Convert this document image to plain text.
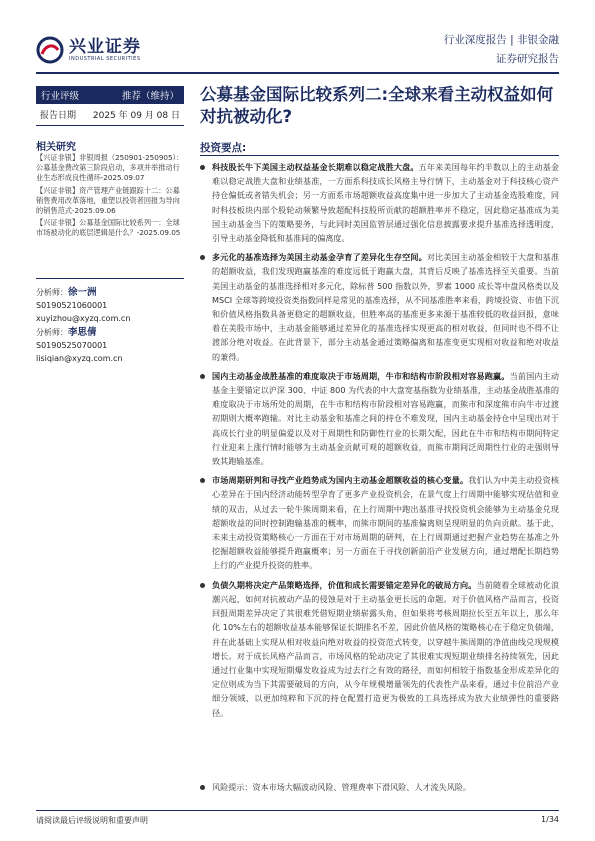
兴业证券
INDUSTRIAL SECURITIES
行业深度报告 | 非银金融
证券研究报告
行业评级	推荐（维持）
报告日期 2025 年 09 月 08 日
相关研究

【兴证非银】非银周报（250901-250905）：公募基金费改第三阶段启动，多项并举推动行业生态形成良性循环-2025.09.07

【兴证非银】资产管理产业链跟踪十二：公募销售费用改革落地，重塑以投资者回报为导向的销售范式-2025.09.06

【兴证非银】公募基金国际比较系列一：全球市场被动化的底层逻辑是什么？-2025.09.05

分析师：徐一洲
S0190521060001
xuyizhou@xyzq.com.cn
分析师：李思倩
S0190525070001
lisiqian@xyzq.com.cn
公募基金国际比较系列二:全球来看主动权益如何对抗被动化?
投资要点:
科技股长牛下美国主动权益基金长期难以稳定战胜大盘。五年来美国每年约半数以上的主动基金难以稳定战胜大盘和业绩基准，一方面系科技成长风格主导行情下，主动基金对于科技核心资产持仓偏低或者错失机会；另一方面系市场超额收益高度集中进一步加大了主动基金选股难度，同时科技板块内部个股轮动频繁导致超配科技股所贡献的超额胜率并不稳定，因此稳定基准成为美国主动基金当下的策略要务，与此同时美国监管层通过强化信息披露要求提升基准选择透明度，引导主动基金降低和基准间的偏离度。
多元化的基准选择为美国主动基金孕育了差异化生存空间。对比美国主动基金相较于大盘和基准的超额收益，我们发现跑赢基准的难度远低于跑赢大盘，其背后反映了基准选择至关重要。当前美国主动基金的基准选择相对多元化，除标普 500 指数以外，罗素 1000 成长等中盘风格类以及 MSCI 全球等跨境投资类指数同样是常见的基准选择，从不同基准胜率来看，跨境投资、市值下沉和价值风格指数具备更稳定的超额收益，但胜率高的基准更多来源于基准较低的收益回报，意味着在美股市场中，主动基金能够通过差异化的基准选择实现更高的相对收益，但同时也不得不让渡部分绝对收益。在此背景下，部分主动基金通过策略偏离和基准变更实现相对收益和绝对收益的兼得。
国内主动基金战胜基准的难度取决于市场周期，牛市和结构市阶段相对容易跑赢。当前国内主动基金主要锚定以沪深 300、中证 800 为代表的中大盘宽基指数为业绩基准，主动基金战胜基准的难度取决于市场所处的周期，在牛市和结构市阶段相对容易跑赢，而熊市和深度熊市向牛市过渡初期则大概率跑输。对比主动基金和基准之间的持仓不难发现，国内主动基金持仓中呈现出对于高成长行业的明显偏爱以及对于周期性和防御性行业的长期欠配，因此在牛市和结构市期间特定行业迎来上涨行情时能够为主动基金贡献可观的超额收益，而熊市期间泛周期性行业的走强则导致其跑输基准。
市场周期研判和寻找产业趋势成为国内主动基金超额收益的核心变量。我们认为中美主动投资核心差异在于国内经济动能转型孕育了更多产业投资机会，在景气度上行周期中能够实现估值和业绩的双击，从过去一轮牛熊周期来看，在上行周期中跑出基准寻找投资机会能够为主动基金兑现超额收益的同时控制跑输基准的概率，而熊市期间的基准偏离则呈现明显的负向贡献。基于此，未来主动投资策略核心一方面在于对市场周期的研判，在上行周期通过把握产业趋势在基准之外挖掘超额收益能够提升跑赢概率；另一方面在于寻找创新前沿产业发展方向，通过增配长期趋势上行的产业提升投资的胜率。
负债久期将决定产品策略选择，价值和成长需要锚定差异化的破局方向。当前随着全球被动化浪潮兴起，如何对抗被动产品的侵蚀是对于主动基金更长远的命题。对于价值风格产品而言，投资回报周期差异决定了其很难凭借短期业绩崭露头角，但如果将考核周期拉长至五年以上，那么年化 10%左右的超额收益基本能够保证长期排名不差，因此价值风格的策略核心在于稳定负债端，并在此基础上实现从相对收益向绝对收益的投资范式转变，以穿越牛熊周期的净值曲线兑现规模增长。对于成长风格产品而言，市场风格的轮动决定了其很难实现短期业绩排名持续领先，因此通过行业集中实现短期爆发收益成为过去行之有效的路径，而如何相较于指数基金形成差异化的定位则成为当下其需要破局的方向，从今年规模增量领先的代表性产品来看，通过卡位前沿产业细分领域、以更加纯粹和下沉的持仓配置打造更为极致的工具选择成为放大业绩弹性的重要路径。
风险提示：资本市场大幅波动风险、管理费率下滑风险、人才流失风险。
请阅读最后评级说明和重要声明	1/34
